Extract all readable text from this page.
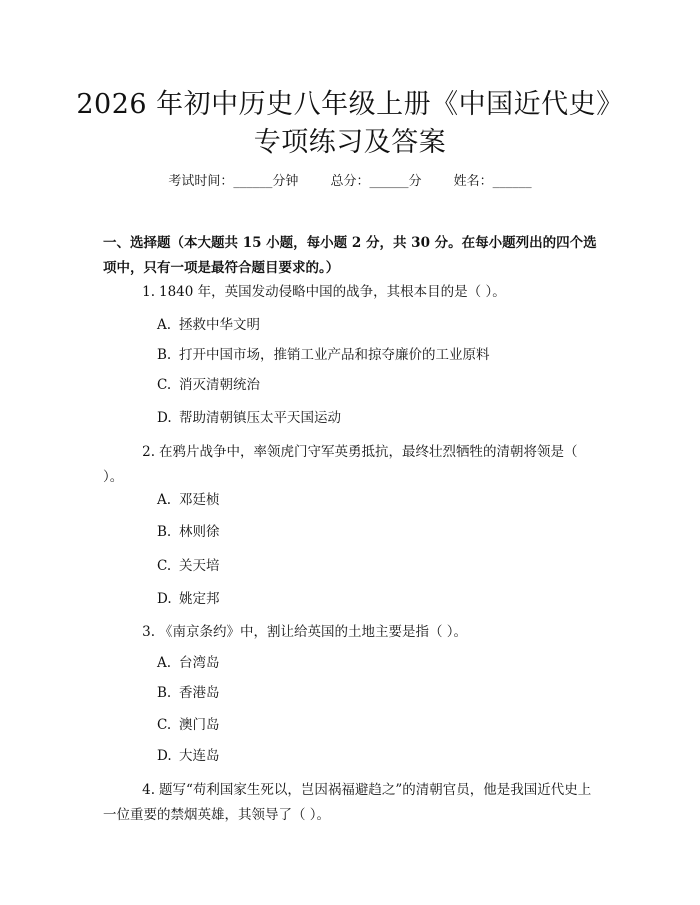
2026 年初中历史八年级上册《中国近代史》
专项练习及答案
考试时间：______分钟 总分：______分 姓名：______
一、选择题（本大题共 15 小题，每小题 2 分，共 30 分。在每小题列出的四个选项中，只有一项是最符合题目要求的。）
1. 1840 年，英国发动侵略中国的战争，其根本目的是（ ）。
A. 拯救中华文明
B. 打开中国市场，推销工业产品和掠夺廉价的工业原料
C. 消灭清朝统治
D. 帮助清朝镇压太平天国运动
2. 在鸦片战争中，率领虎门守军英勇抵抗，最终壮烈牺牲的清朝将领是（ ）。
A. 邓廷桢
B. 林则徐
C. 关天培
D. 姚定邦
3. 《南京条约》中，割让给英国的土地主要是指（ ）。
A. 台湾岛
B. 香港岛
C. 澳门岛
D. 大连岛
4. 题写“苟利国家生死以，岂因祸福避趋之”的清朝官员，他是我国近代史上一位重要的禁烟英雄，其领导了（ ）。
